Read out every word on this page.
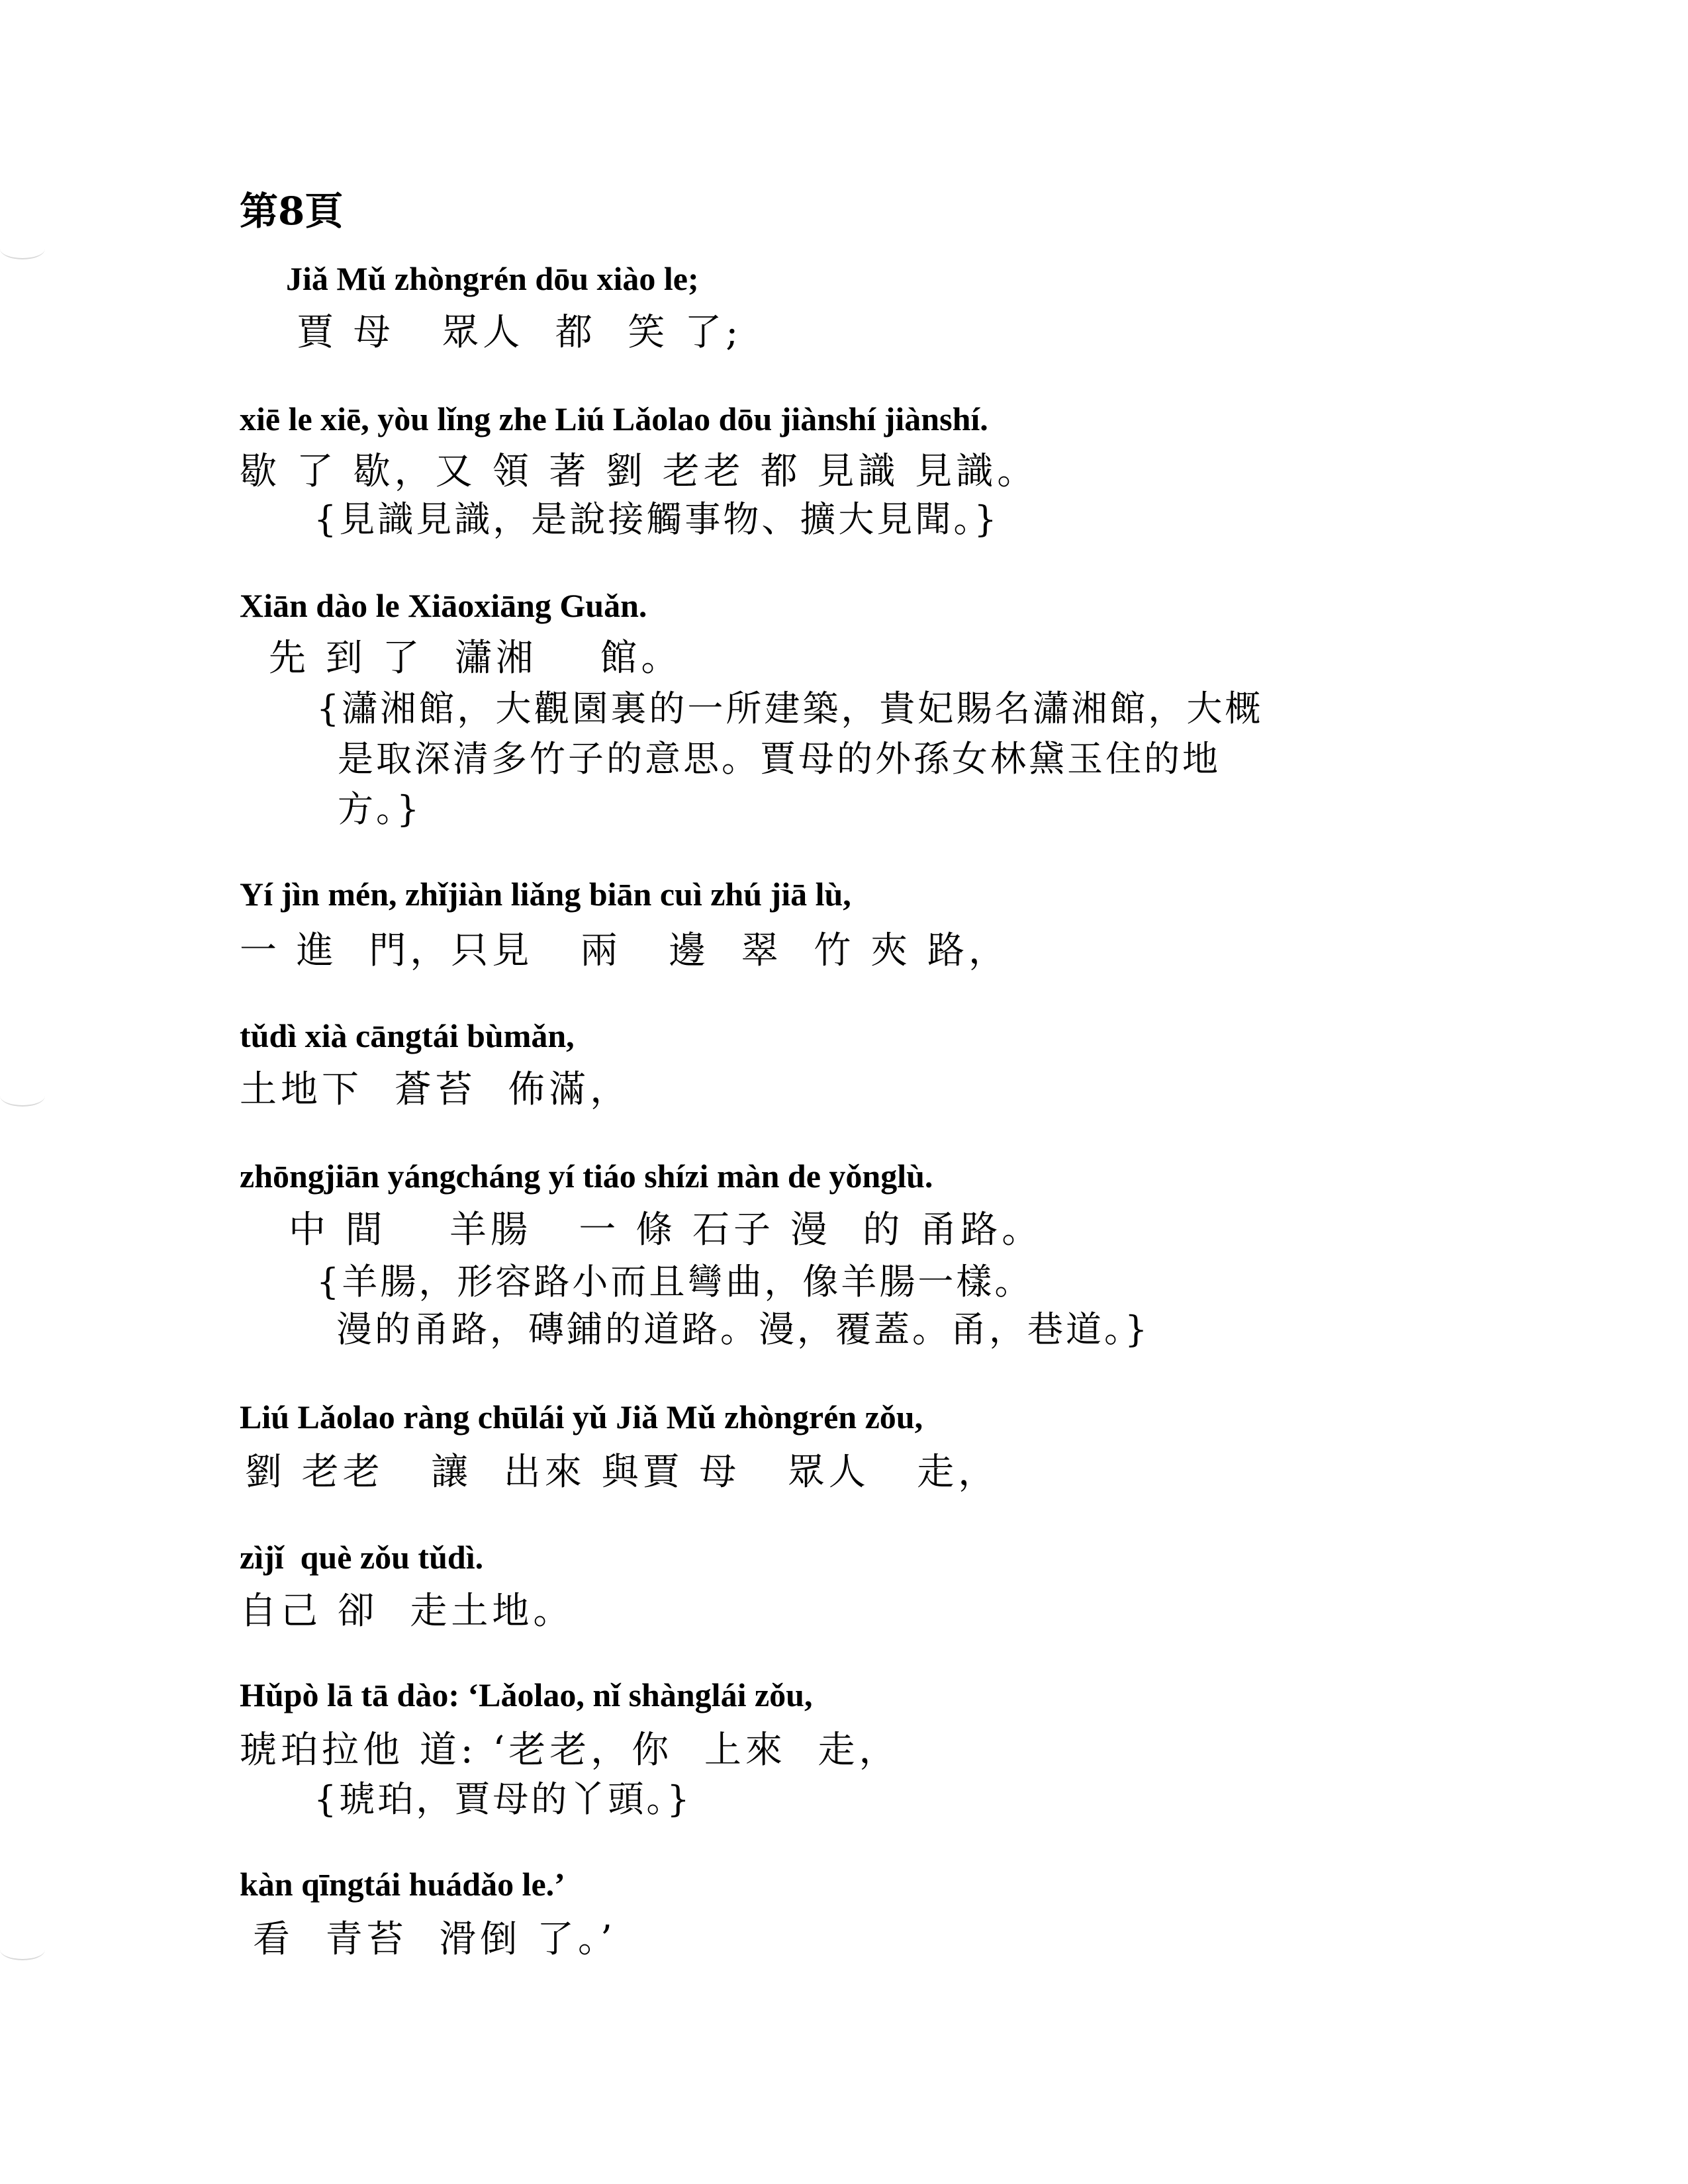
第8頁
Jiǎ Mǔ zhòngrén dōu xiào le;
賈 母   眾人  都  笑 了;
xiē le xiē, yòu lǐng zhe Liú Lǎolao dōu jiànshí jiànshí.
歇 了 歇，又 領 著 劉 老老 都 見識 見識。
{見識見識，是說接觸事物、擴大見聞。}
Xiān dào le Xiāoxiāng Guǎn.
先 到 了  瀟湘    館。
{瀟湘館，大觀園裏的一所建築，貴妃賜名瀟湘館，大概
是取深清多竹子的意思。賈母的外孫女林黛玉住的地
方。}
Yí jìn mén, zhǐjiàn liǎng biān cuì zhú jiā lù,
一 進  門，只見   兩   邊  翠  竹 夾 路，
tǔdì xià cāngtái bùmǎn,
土地下  蒼苔  佈滿，
zhōngjiān yángcháng yí tiáo shízi màn de yǒnglù.
中 間    羊腸   一 條 石子 漫  的 甬路。
{羊腸，形容路小而且彎曲，像羊腸一樣。
漫的甬路，磚鋪的道路。漫，覆蓋。甬，巷道。}
Liú Lǎolao ràng chūlái yǔ Jiǎ Mǔ zhòngrén zǒu,
劉 老老   讓  出來 與賈 母   眾人   走，
zìjǐ  què zǒu tǔdì.
自己 卻  走土地。
Hǔpò lā tā dào: ‘Lǎolao, nǐ shànglái zǒu,
琥珀拉他 道: ‘老老，你  上來  走，
{琥珀，賈母的丫頭。}
kàn qīngtái huádǎo le.’
看  青苔  滑倒 了。’
